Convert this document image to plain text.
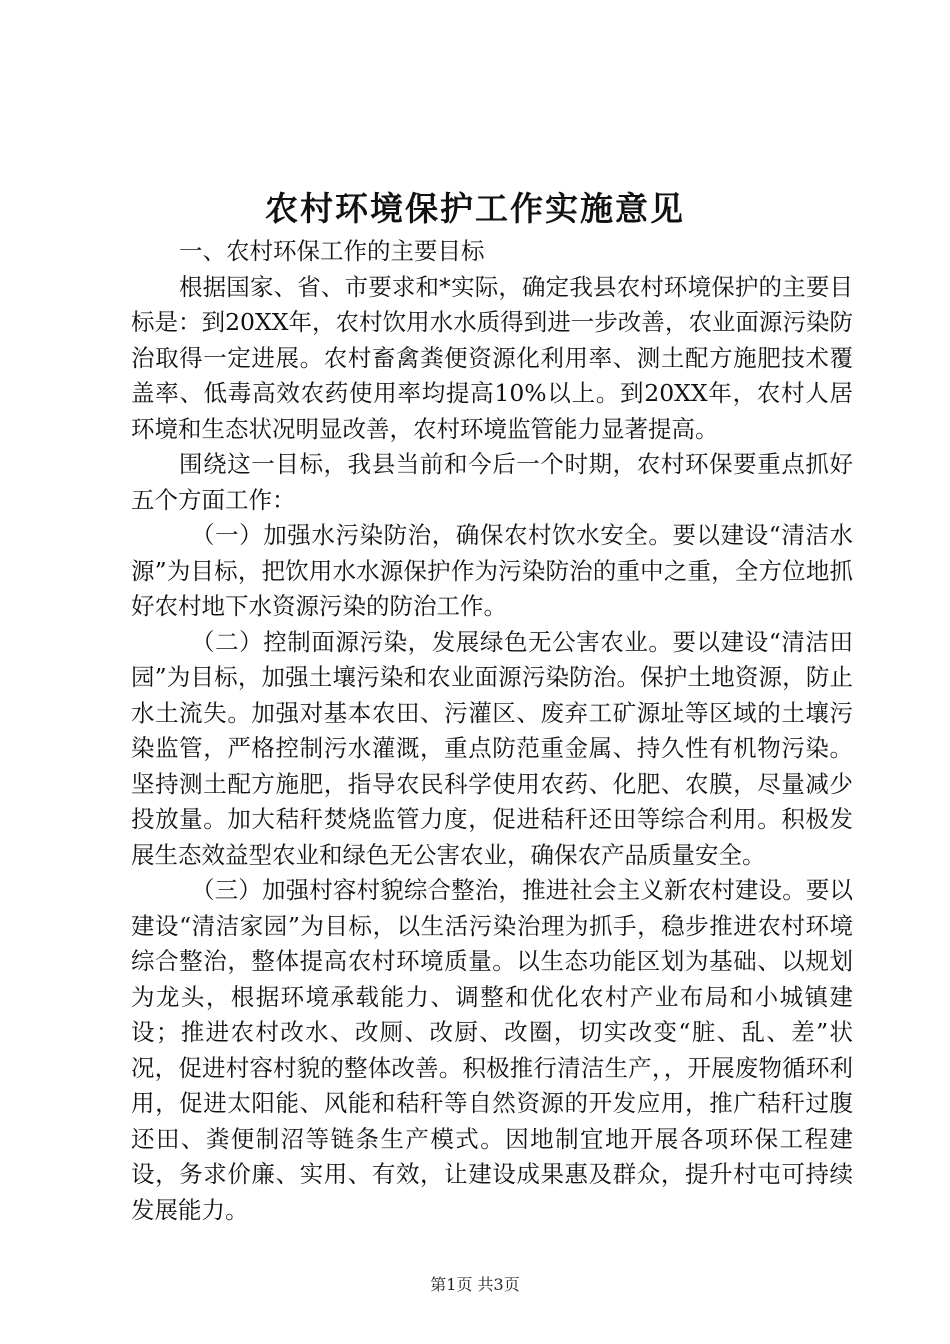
农村环境保护工作实施意见

一、农村环保工作的主要目标

根据国家、省、市要求和*实际，确定我县农村环境保护的主要目标是：到20XX年，农村饮用水水质得到进一步改善，农业面源污染防治取得一定进展。农村畜禽粪便资源化利用率、测土配方施肥技术覆盖率、低毒高效农药使用率均提高10%以上。到20XX年，农村人居环境和生态状况明显改善，农村环境监管能力显著提高。

围绕这一目标，我县当前和今后一个时期，农村环保要重点抓好五个方面工作：

（一）加强水污染防治，确保农村饮水安全。要以建设“清洁水源”为目标，把饮用水水源保护作为污染防治的重中之重，全方位地抓好农村地下水资源污染的防治工作。

（二）控制面源污染，发展绿色无公害农业。要以建设“清洁田园”为目标，加强土壤污染和农业面源污染防治。保护土地资源，防止水土流失。加强对基本农田、污灌区、废弃工矿源址等区域的土壤污染监管，严格控制污水灌溉，重点防范重金属、持久性有机物污染。坚持测土配方施肥，指导农民科学使用农药、化肥、农膜，尽量减少投放量。加大秸秆焚烧监管力度，促进秸秆还田等综合利用。积极发展生态效益型农业和绿色无公害农业，确保农产品质量安全。

（三）加强村容村貌综合整治，推进社会主义新农村建设。要以建设“清洁家园”为目标，以生活污染治理为抓手，稳步推进农村环境综合整治，整体提高农村环境质量。以生态功能区划为基础、以规划为龙头，根据环境承载能力、调整和优化农村产业布局和小城镇建设；推进农村改水、改厕、改厨、改圈，切实改变“脏、乱、差”状况，促进村容村貌的整体改善。积极推行清洁生产，，开展废物循环利用，促进太阳能、风能和秸秆等自然资源的开发应用，推广秸秆过腹还田、粪便制沼等链条生产模式。因地制宜地开展各项环保工程建设，务求价廉、实用、有效，让建设成果惠及群众，提升村屯可持续发展能力。

第1页 共3页
